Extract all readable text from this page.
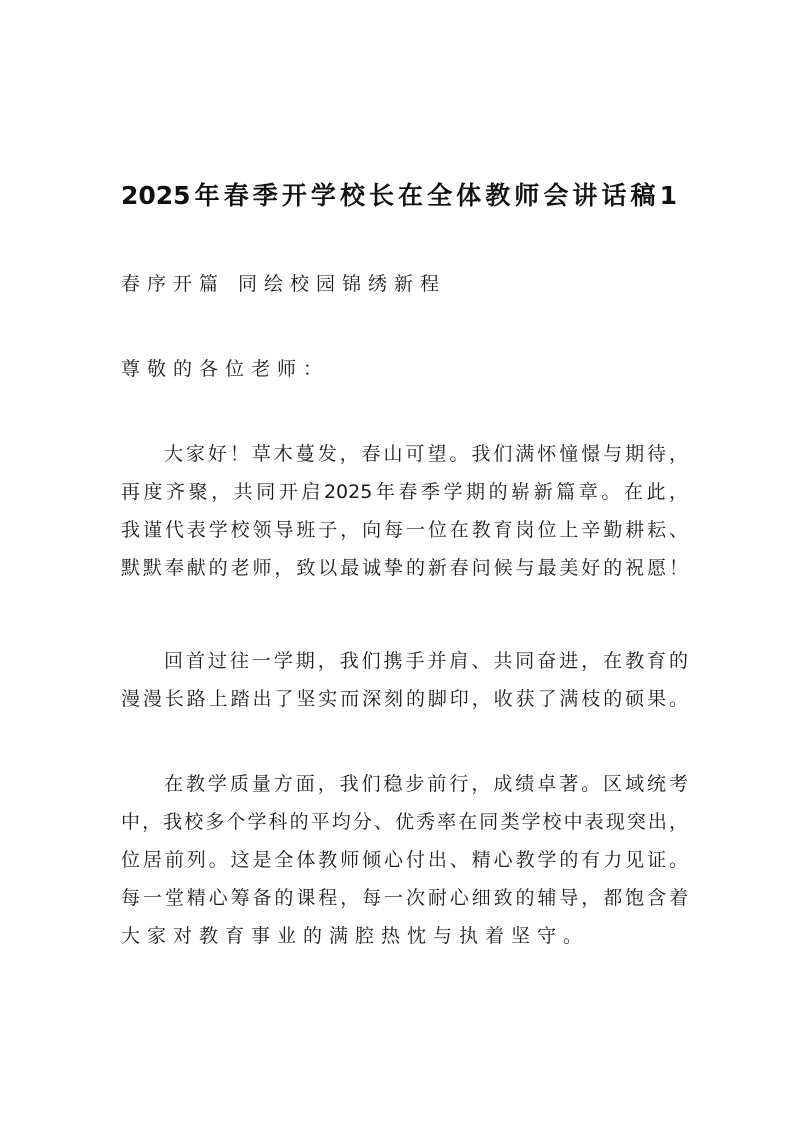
2025年春季开学校长在全体教师会讲话稿1
春序开篇 同绘校园锦绣新程
尊敬的各位老师：
大家好！草木蔓发，春山可望。我们满怀憧憬与期待，
再度齐聚，共同开启2025年春季学期的崭新篇章。在此，
我谨代表学校领导班子，向每一位在教育岗位上辛勤耕耘、
默默奉献的老师，致以最诚挚的新春问候与最美好的祝愿！
回首过往一学期，我们携手并肩、共同奋进，在教育的
漫漫长路上踏出了坚实而深刻的脚印，收获了满枝的硕果。
在教学质量方面，我们稳步前行，成绩卓著。区域统考
中，我校多个学科的平均分、优秀率在同类学校中表现突出，
位居前列。这是全体教师倾心付出、精心教学的有力见证。
每一堂精心筹备的课程，每一次耐心细致的辅导，都饱含着
大家对教育事业的满腔热忱与执着坚守。
